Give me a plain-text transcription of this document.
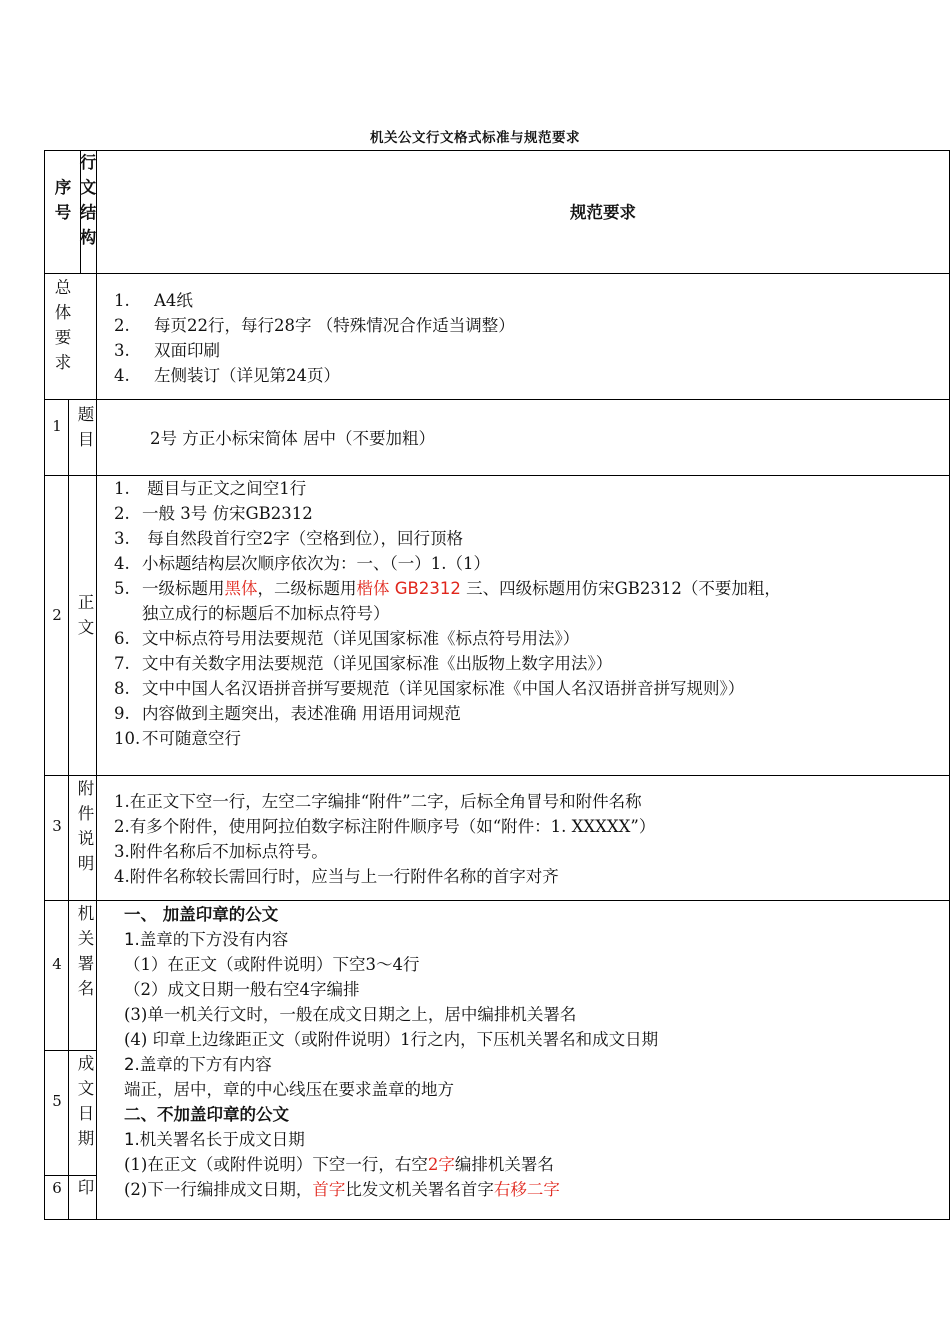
机关公文行文格式标准与规范要求
序号
行文结构
规范要求
总体要求
1. A4纸
2. 每页22行，每行28字 （特殊情况合作适当调整）
3. 双面印刷
4. 左侧装订（详见第24页）
1
题目	2号 方正小标宋简体 居中（不要加粗）
2
正文
1. 题目与正文之间空1行
2. 一般 3号 仿宋GB2312
3. 每自然段首行空2字（空格到位），回行顶格
4. 小标题结构层次顺序依次为：一、（一）1.（1）
5. 一级标题用黑体，二级标题用楷体 GB2312 三、四级标题用仿宋GB2312（不要加粗，
独立成行的标题后不加标点符号）
6. 文中标点符号用法要规范（详见国家标准《标点符号用法》）
7. 文中有关数字用法要规范（详见国家标准《出版物上数字用法》）
8. 文中中国人名汉语拼音拼写要规范（详见国家标准《中国人名汉语拼音拼写规则》）
9. 内容做到主题突出，表述准确 用语用词规范
10. 不可随意空行
3
附件说明
1.在正文下空一行，左空二字编排“附件”二字，后标全角冒号和附件名称
2.有多个附件，使用阿拉伯数字标注附件顺序号（如“附件：1. XXXXX”）
3.附件名称后不加标点符号。
4.附件名称较长需回行时，应当与上一行附件名称的首字对齐
4
机关署名
5
成文日期
6 印
一、 加盖印章的公文
1.盖章的下方没有内容
（1）在正文（或附件说明）下空3～4行
（2）成文日期一般右空4字编排
(3)单一机关行文时，一般在成文日期之上，居中编排机关署名
(4) 印章上边缘距正文（或附件说明）1行之内，下压机关署名和成文日期
2.盖章的下方有内容
端正，居中，章的中心线压在要求盖章的地方
二、不加盖印章的公文
1.机关署名长于成文日期
(1)在正文（或附件说明）下空一行，右空2字编排机关署名
(2)下一行编排成文日期，首字比发文机关署名首字右移二字
